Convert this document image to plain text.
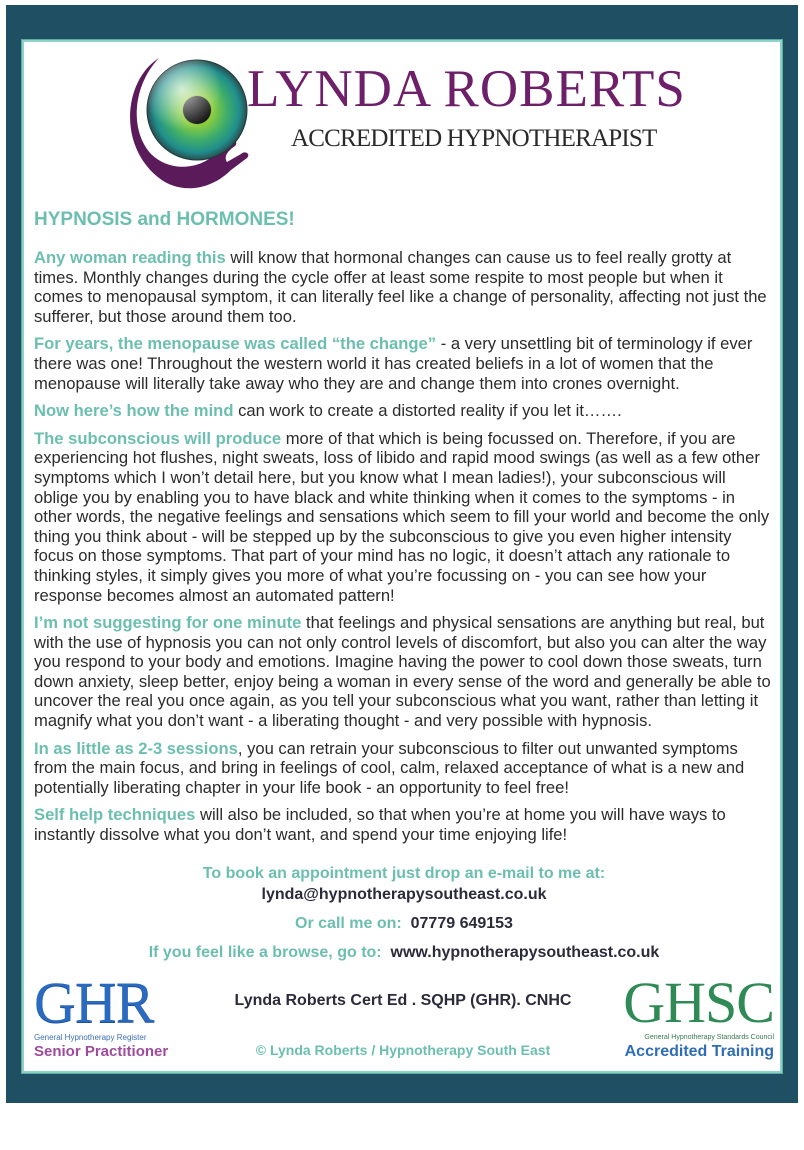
LYNDA ROBERTS
ACCREDITED HYPNOTHERAPIST
HYPNOSIS and HORMONES!

Any woman reading this will know that hormonal changes can cause us to feel really grotty at times. Monthly changes during the cycle offer at least some respite to most people but when it comes to menopausal symptom, it can literally feel like a change of personality, affecting not just the sufferer, but those around them too.

For years, the menopause was called “the change” - a very unsettling bit of terminology if ever there was one! Throughout the western world it has created beliefs in a lot of women that the menopause will literally take away who they are and change them into crones overnight.

Now here’s how the mind can work to create a distorted reality if you let it…….

The subconscious will produce more of that which is being focussed on. Therefore, if you are experiencing hot flushes, night sweats, loss of libido and rapid mood swings (as well as a few other symptoms which I won’t detail here, but you know what I mean ladies!), your subconscious will oblige you by enabling you to have black and white thinking when it comes to the symptoms - in other words, the negative feelings and sensations which seem to fill your world and become the only thing you think about - will be stepped up by the subconscious to give you even higher intensity focus on those symptoms. That part of your mind has no logic, it doesn’t attach any rationale to thinking styles, it simply gives you more of what you’re focussing on - you can see how your response becomes almost an automated pattern!

I’m not suggesting for one minute that feelings and physical sensations are anything but real, but with the use of hypnosis you can not only control levels of discomfort, but also you can alter the way you respond to your body and emotions. Imagine having the power to cool down those sweats, turn down anxiety, sleep better, enjoy being a woman in every sense of the word and generally be able to uncover the real you once again, as you tell your subconscious what you want, rather than letting it magnify what you don’t want - a liberating thought - and very possible with hypnosis.

In as little as 2-3 sessions, you can retrain your subconscious to filter out unwanted symptoms from the main focus, and bring in feelings of cool, calm, relaxed acceptance of what is a new and potentially liberating chapter in your life book - an opportunity to feel free!

Self help techniques will also be included, so that when you’re at home you will have ways to instantly dissolve what you don’t want, and spend your time enjoying life!

To book an appointment just drop an e-mail to me at:
lynda@hypnotherapysoutheast.co.uk
Or call me on: 07779 649153
If you feel like a browse, go to: www.hypnotherapysoutheast.co.uk
GHR
General Hypnotherapy Register
Senior Practitioner
Lynda Roberts Cert Ed . SQHP (GHR). CNHC
© Lynda Roberts / Hypnotherapy South East
GHSC
General Hypnotherapy Standards Council
Accredited Training
